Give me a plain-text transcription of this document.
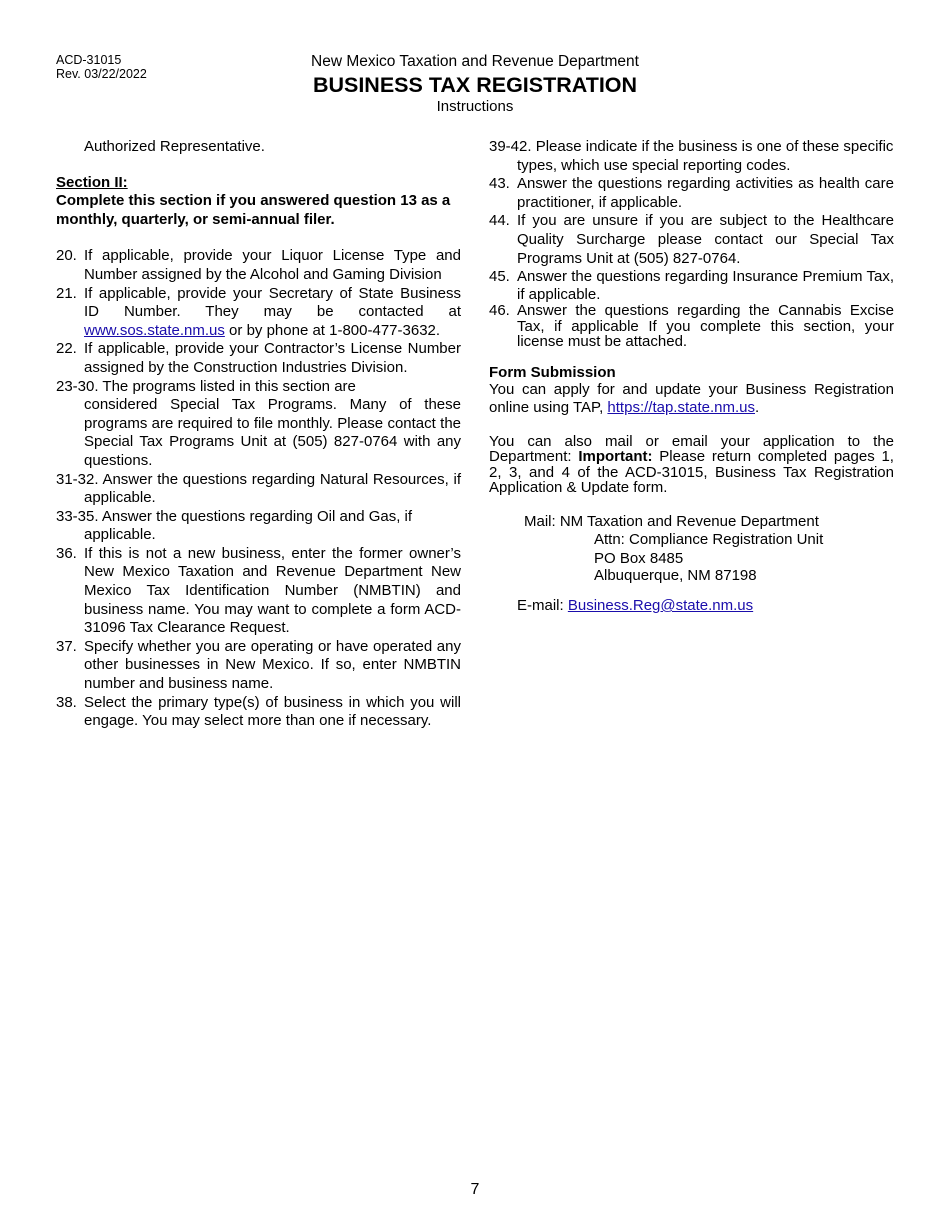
ACD-31015
Rev. 03/22/2022
New Mexico Taxation and Revenue Department
BUSINESS TAX REGISTRATION
Instructions

Authorized Representative.

Section II:

Complete this section if you answered question 13 as a monthly, quarterly, or semi-annual filer.

20. If applicable, provide your Liquor License Type and Number assigned by the Alcohol and Gaming Division

21. If applicable, provide your Secretary of State Business ID Number. They may be contacted at www.sos.state.nm.us or by phone at 1-800-477-3632.

22. If applicable, provide your Contractor’s License Number assigned by the Construction Industries Division.

23-30. The programs listed in this section are

considered Special Tax Programs. Many of these programs are required to file monthly. Please contact the Special Tax Programs Unit at (505) 827-0764 with any questions.

31-32. Answer the questions regarding Natural Resources, if applicable.

33-35. Answer the questions regarding Oil and Gas, if applicable.

36. If this is not a new business, enter the former owner’s New Mexico Taxation and Revenue Department New Mexico Tax Identification Number (NMBTIN) and business name. You may want to complete a form ACD-31096 Tax Clearance Request.

37. Specify whether you are operating or have operated any other businesses in New Mexico. If so, enter NMBTIN number and business name.

38. Select the primary type(s) of business in which you will engage. You may select more than one if necessary.

39-42. Please indicate if the business is one of these specific types, which use special reporting codes.

43. Answer the questions regarding activities as health care practitioner, if applicable.

44. If you are unsure if you are subject to the Healthcare Quality Surcharge please contact our Special Tax Programs Unit at (505) 827-0764.

45. Answer the questions regarding Insurance Premium Tax, if applicable.

46. Answer the questions regarding the Cannabis Excise Tax, if applicable If you complete this section, your license must be attached.

Form Submission

You can apply for and update your Business Registration online using TAP, https://tap.state.nm.us.

You can also mail or email your application to the Department: Important: Please return completed pages 1, 2, 3, and 4 of the ACD-31015, Business Tax Registration Application & Update form.

Mail: NM Taxation and Revenue Department
Attn: Compliance Registration Unit
PO Box 8485
Albuquerque, NM 87198

E-mail: Business.Reg@state.nm.us

7
